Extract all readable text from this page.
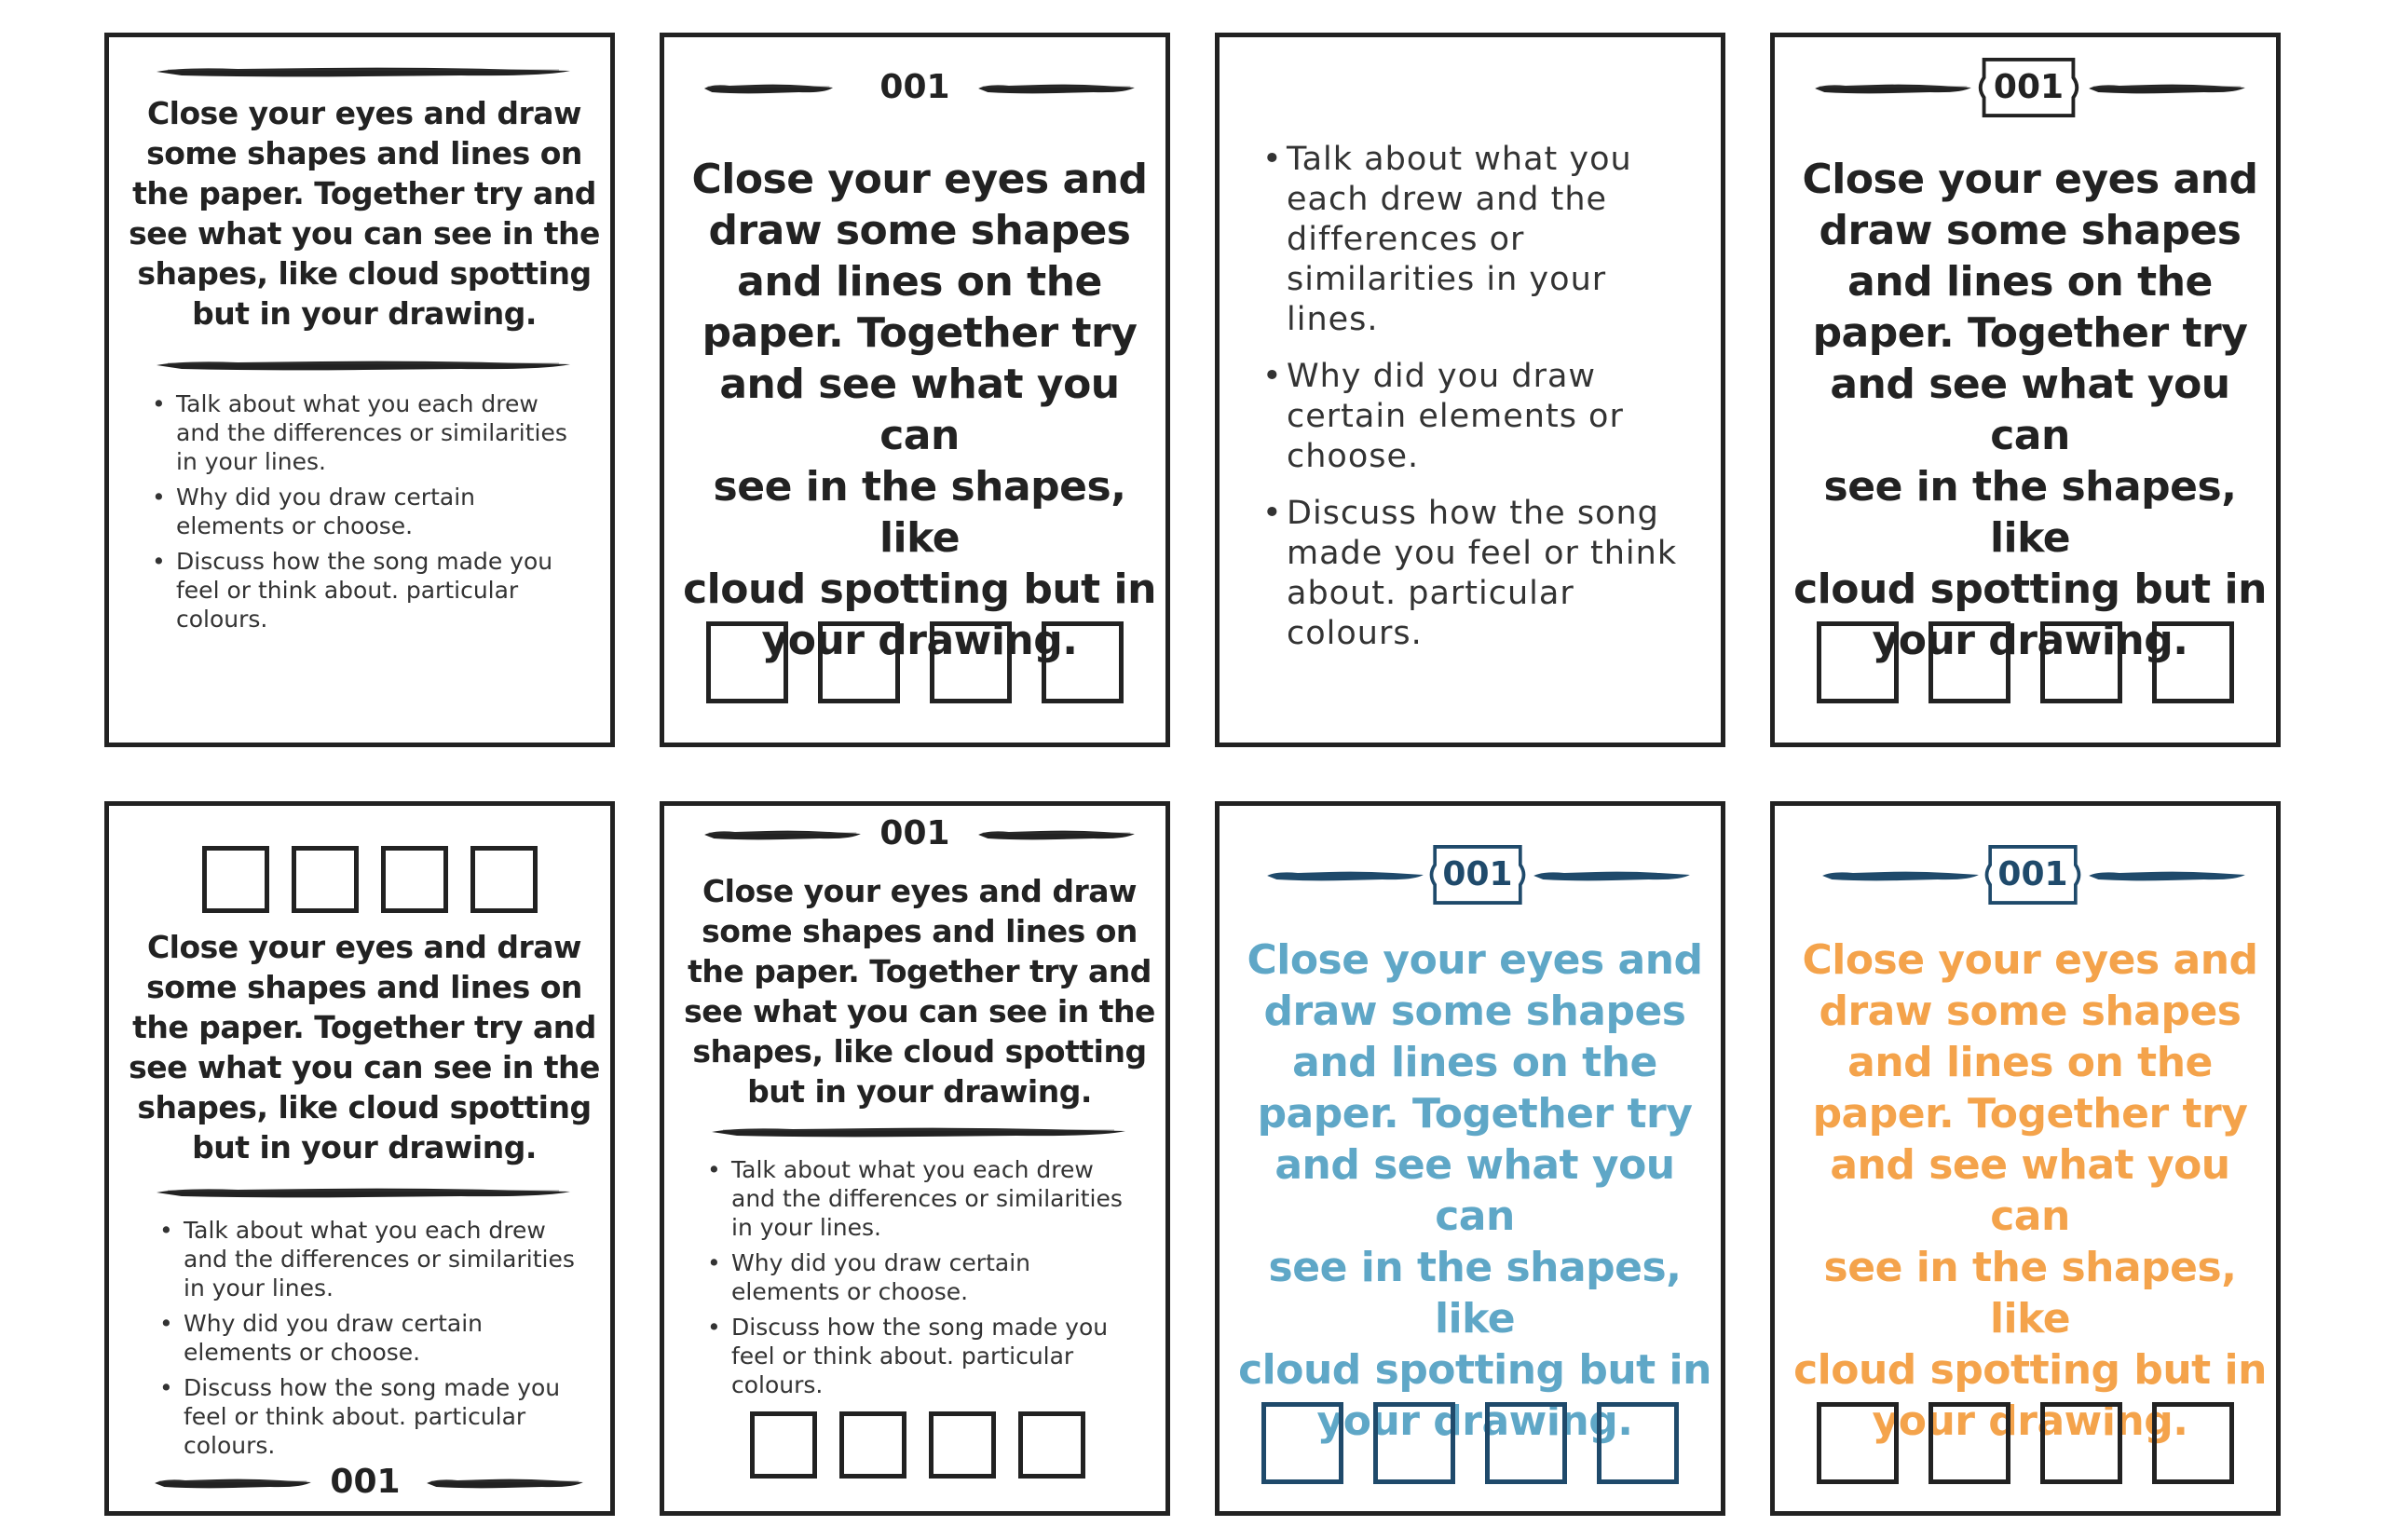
Close your eyes and draw
some shapes and lines on
the paper. Together try and
see what you can see in the
shapes, like cloud spotting
but in your drawing.
• Talk about what you each drew and the differences or similarities in your lines.
• Why did you draw certain elements or choose.
• Discuss how the song made you feel or think about. particular colours.
001
Close your eyes and
draw some shapes
and lines on the
paper. Together try
and see what you can
see in the shapes, like
cloud spotting but in
your drawing.
• Talk about what you each drew and the differences or similarities in your lines.
• Why did you draw certain elements or choose.
• Discuss how the song made you feel or think about. particular colours.
001
Close your eyes and
draw some shapes
and lines on the
paper. Together try
and see what you can
see in the shapes, like
cloud spotting but in
your drawing.
Close your eyes and draw
some shapes and lines on
the paper. Together try and
see what you can see in the
shapes, like cloud spotting
but in your drawing.
• Talk about what you each drew and the differences or similarities in your lines.
• Why did you draw certain elements or choose.
• Discuss how the song made you feel or think about. particular colours.
001
001
Close your eyes and draw
some shapes and lines on
the paper. Together try and
see what you can see in the
shapes, like cloud spotting
but in your drawing.
• Talk about what you each drew and the differences or similarities in your lines.
• Why did you draw certain elements or choose.
• Discuss how the song made you feel or think about. particular colours.
001
Close your eyes and
draw some shapes
and lines on the
paper. Together try
and see what you can
see in the shapes, like
cloud spotting but in
your drawing.
001
Close your eyes and
draw some shapes
and lines on the
paper. Together try
and see what you can
see in the shapes, like
cloud spotting but in
your drawing.
